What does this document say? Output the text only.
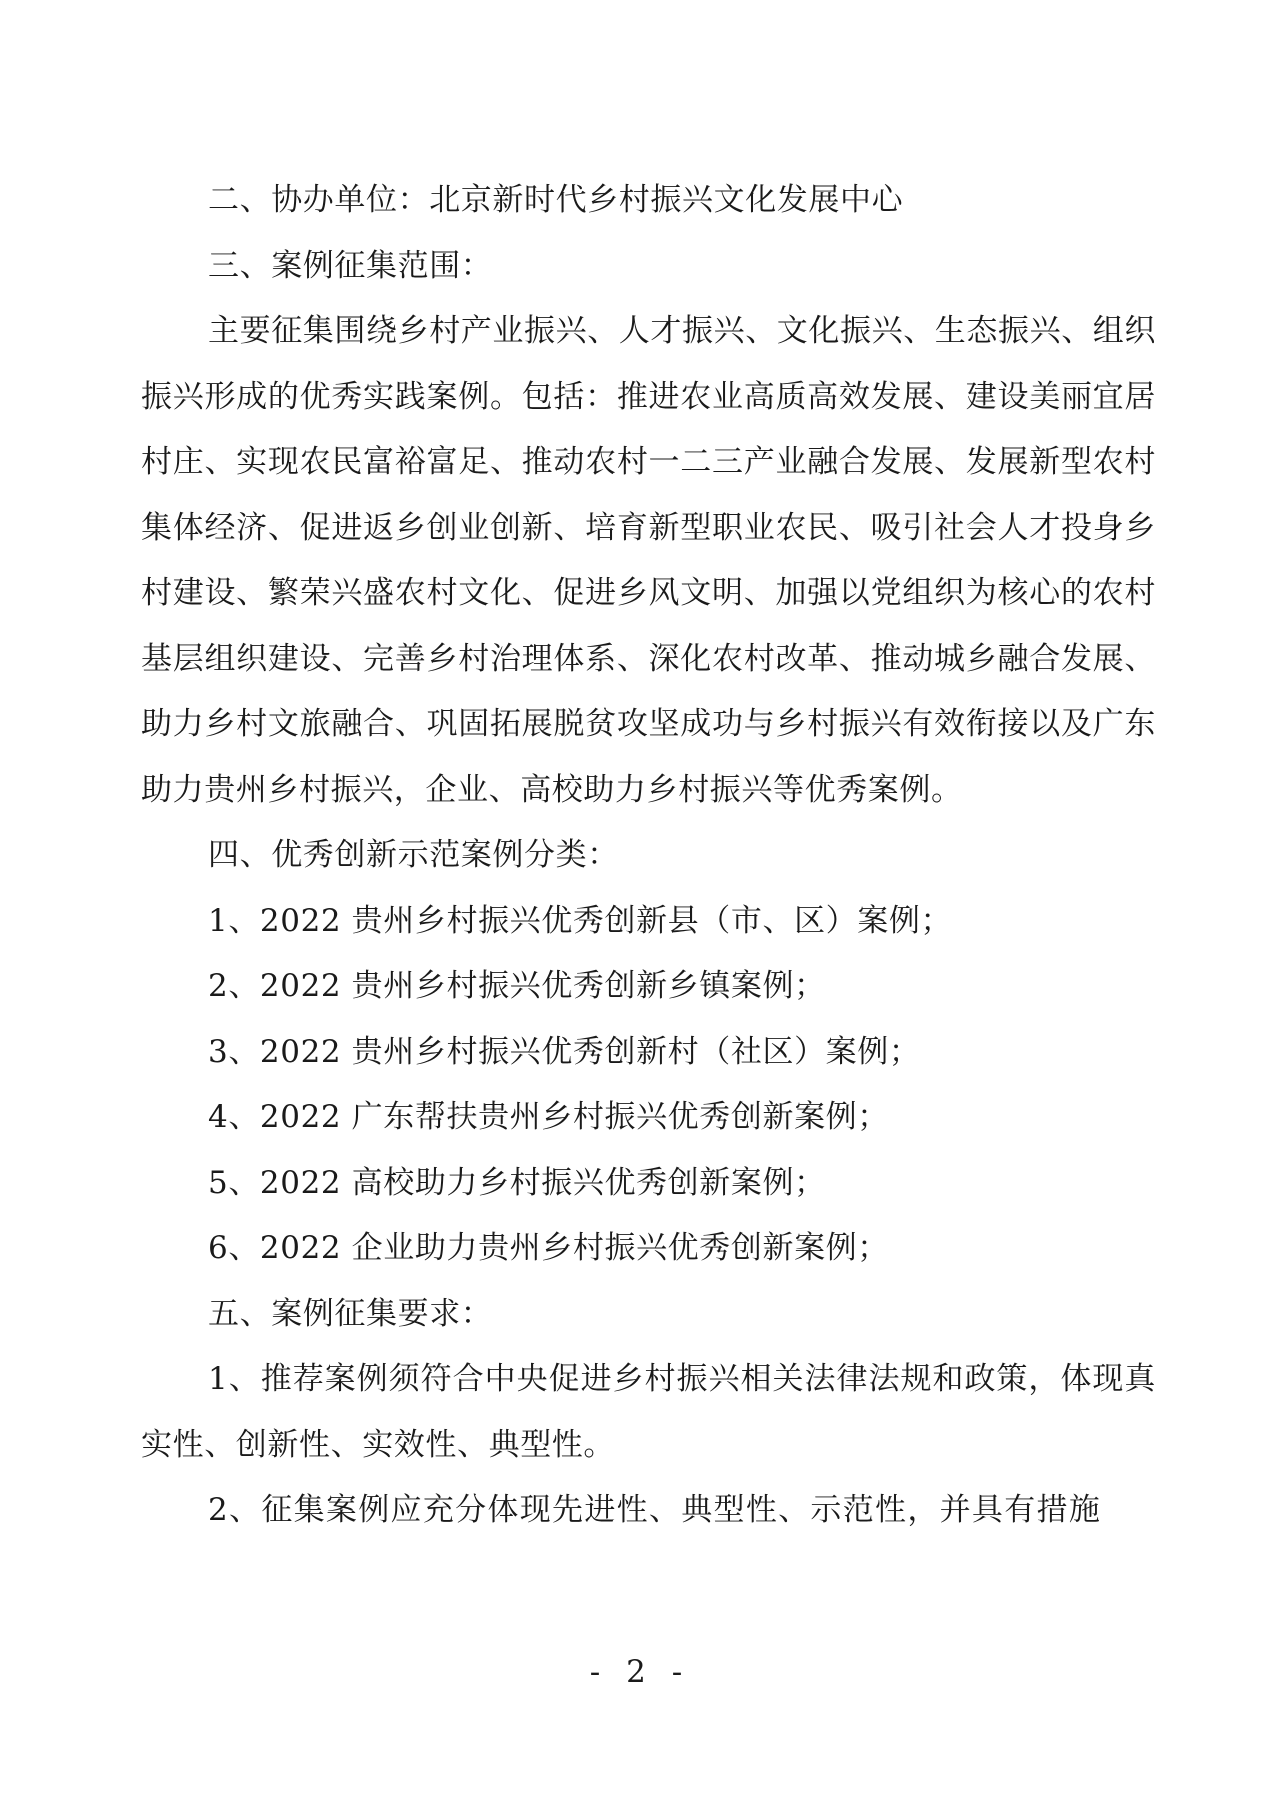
二、协办单位：北京新时代乡村振兴文化发展中心

三、案例征集范围：

主要征集围绕乡村产业振兴、人才振兴、文化振兴、生态振兴、组织振兴形成的优秀实践案例。包括：推进农业高质高效发展、建设美丽宜居村庄、实现农民富裕富足、推动农村一二三产业融合发展、发展新型农村集体经济、促进返乡创业创新、培育新型职业农民、吸引社会人才投身乡村建设、繁荣兴盛农村文化、促进乡风文明、加强以党组织为核心的农村基层组织建设、完善乡村治理体系、深化农村改革、推动城乡融合发展、助力乡村文旅融合、巩固拓展脱贫攻坚成功与乡村振兴有效衔接以及广东助力贵州乡村振兴，企业、高校助力乡村振兴等优秀案例。

四、优秀创新示范案例分类：

1、2022 贵州乡村振兴优秀创新县（市、区）案例；

2、2022 贵州乡村振兴优秀创新乡镇案例；

3、2022 贵州乡村振兴优秀创新村（社区）案例；

4、2022 广东帮扶贵州乡村振兴优秀创新案例；

5、2022 高校助力乡村振兴优秀创新案例；

6、2022 企业助力贵州乡村振兴优秀创新案例；

五、案例征集要求：

1、推荐案例须符合中央促进乡村振兴相关法律法规和政策，体现真实性、创新性、实效性、典型性。

2、征集案例应充分体现先进性、典型性、示范性，并具有措施

- 2 -
